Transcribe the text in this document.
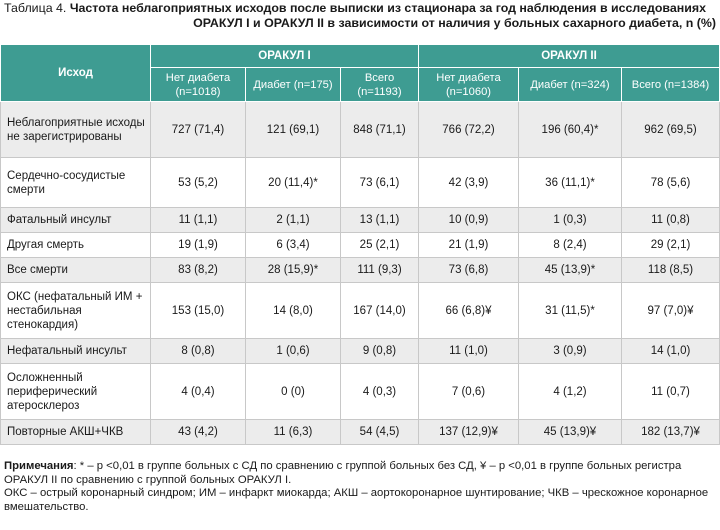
Таблица 4. Частота неблагоприятных исходов после выписки из стационара за год наблюдения в исследованиях
ОРАКУЛ I и ОРАКУЛ II в зависимости от наличия у больных сахарного диабета, n (%)
Исход	ОРАКУЛ I			ОРАКУЛ II		
	Нет диабета (n=1018)	Диабет (n=175)	Всего (n=1193)	Нет диабета (n=1060)	Диабет (n=324)	Всего (n=1384)
Неблагоприятные исходы не зарегистрированы	727 (71,4)	121 (69,1)	848 (71,1)	766 (72,2)	196 (60,4)*	962 (69,5)
Сердечно-сосудистые смерти	53 (5,2)	20 (11,4)*	73 (6,1)	42 (3,9)	36 (11,1)*	78 (5,6)
Фатальный инсульт	11 (1,1)	2 (1,1)	13 (1,1)	10 (0,9)	1 (0,3)	11 (0,8)
Другая смерть	19 (1,9)	6 (3,4)	25 (2,1)	21 (1,9)	8 (2,4)	29 (2,1)
Все смерти	83 (8,2)	28 (15,9)*	111 (9,3)	73 (6,8)	45 (13,9)*	118 (8,5)
ОКС (нефатальный ИМ + нестабильная стенокардия)	153 (15,0)	14 (8,0)	167 (14,0)	66 (6,8)¥	31 (11,5)*	97 (7,0)¥
Нефатальный инсульт	8 (0,8)	1 (0,6)	9 (0,8)	11 (1,0)	3 (0,9)	14 (1,0)
Осложненный периферический атеросклероз	4 (0,4)	0 (0)	4 (0,3)	7 (0,6)	4 (1,2)	11 (0,7)
Повторные АКШ+ЧКВ	43 (4,2)	11 (6,3)	54 (4,5)	137 (12,9)¥	45 (13,9)¥	182 (13,7)¥
Примечания: * – p <0,01 в группе больных с СД по сравнению с группой больных без СД, ¥ – p <0,01 в группе больных регистра ОРАКУЛ II по сравнению с группой больных ОРАКУЛ I.
ОКС – острый коронарный синдром; ИМ – инфаркт миокарда; АКШ – аортокоронарное шунтирование; ЧКВ – чрескожное коронарное вмешательство.
